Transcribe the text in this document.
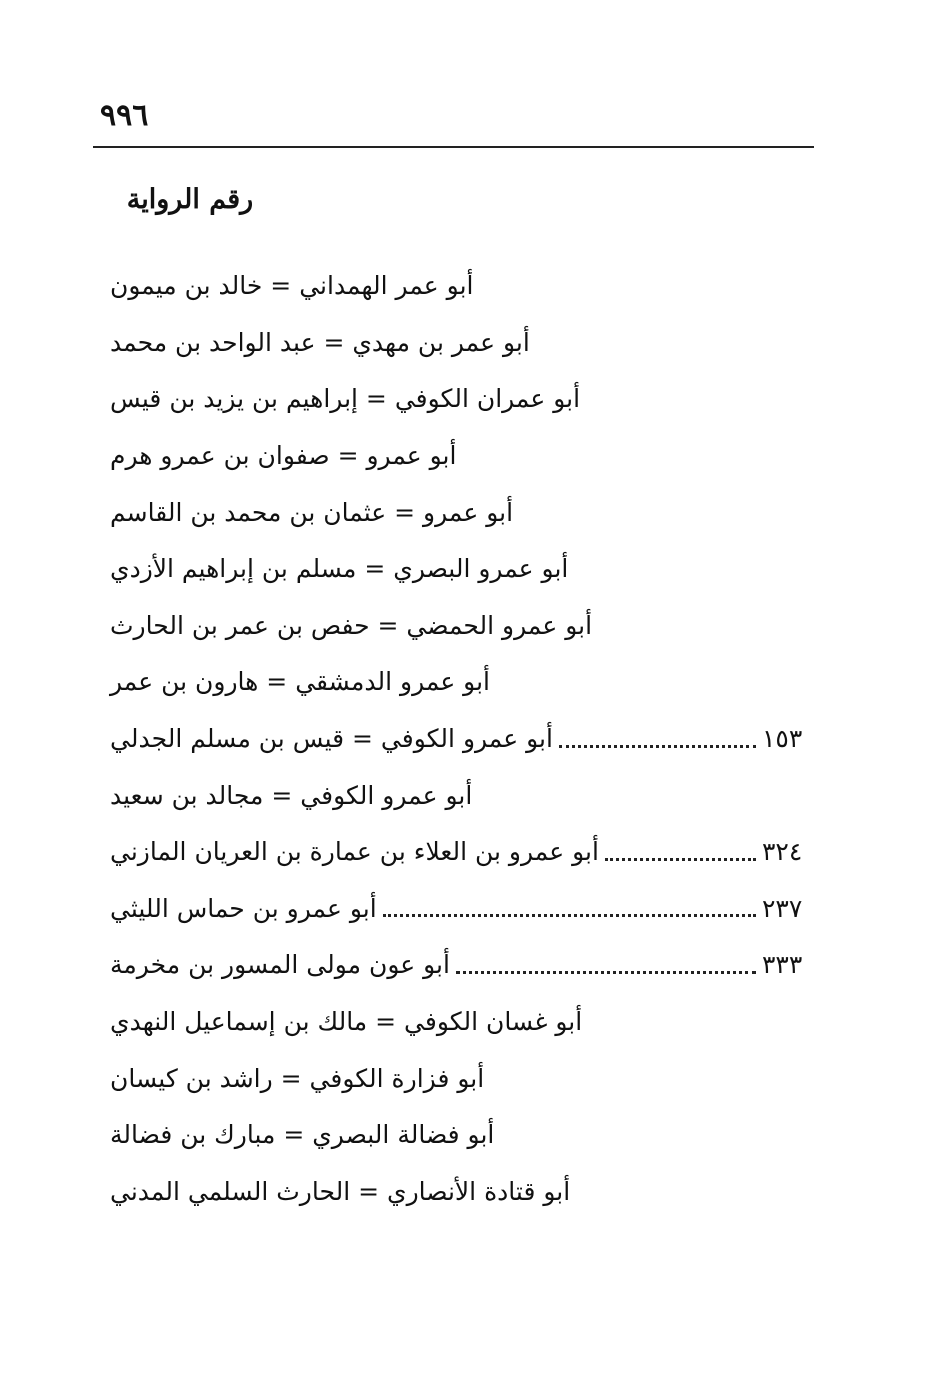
٩٩٦
رقم الرواية
أبو عمر الهمداني = خالد بن ميمون
أبو عمر بن مهدي = عبد الواحد بن محمد
أبو عمران الكوفي = إبراهيم بن يزيد بن قيس
أبو عمرو = صفوان بن عمرو هرم
أبو عمرو = عثمان بن محمد بن القاسم
أبو عمرو البصري = مسلم بن إبراهيم الأزدي
أبو عمرو الحمضي = حفص بن عمر بن الحارث
أبو عمرو الدمشقي = هارون بن عمر
أبو عمرو الكوفي = قيس بن مسلم الجدلي	١٥٣
أبو عمرو الكوفي = مجالد بن سعيد
أبو عمرو بن العلاء بن عمارة بن العريان المازني	٣٢٤
أبو عمرو بن حماس الليثي	٢٣٧
أبو عون مولى المسور بن مخرمة	٣٣٣
أبو غسان الكوفي = مالك بن إسماعيل النهدي
أبو فزارة الكوفي = راشد بن كيسان
أبو فضالة البصري = مبارك بن فضالة
أبو قتادة الأنصاري = الحارث السلمي المدني
